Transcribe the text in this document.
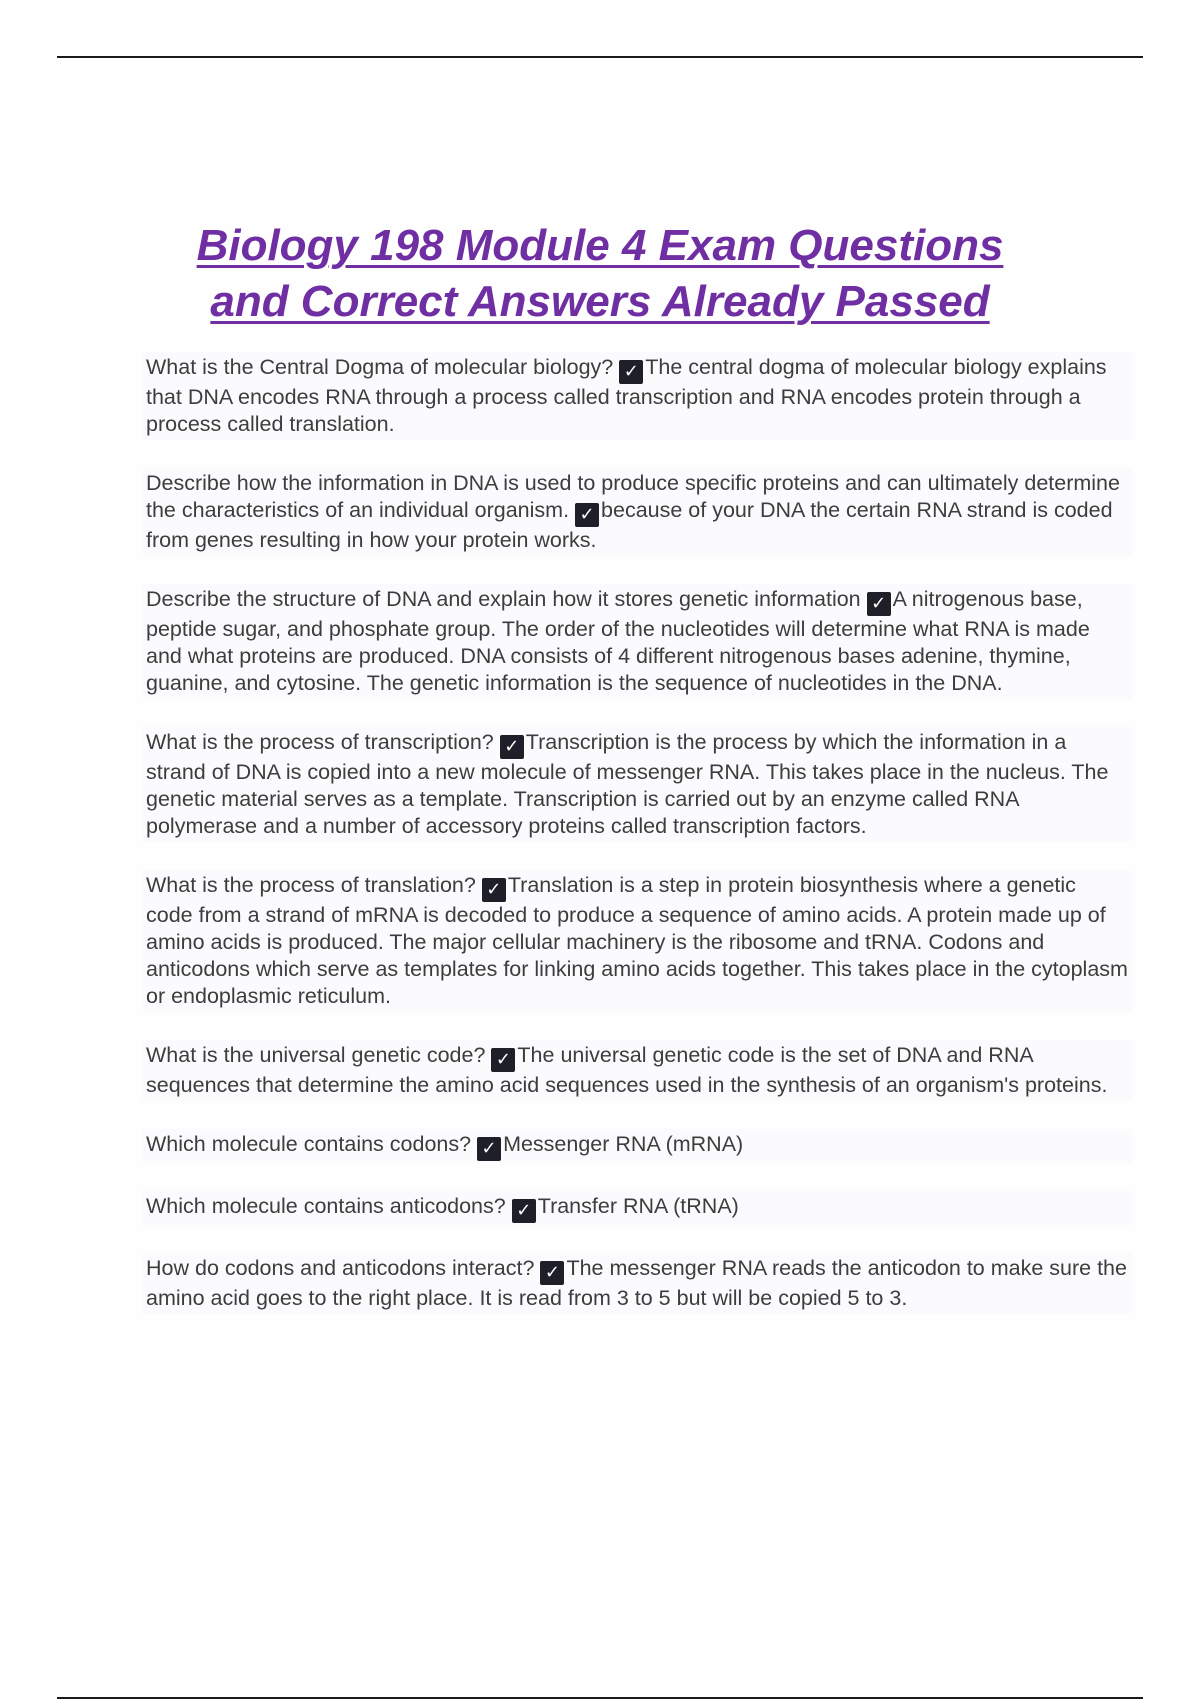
Biology 198 Module 4 Exam Questions
and Correct Answers Already Passed

What is the Central Dogma of molecular biology? ✓ The central dogma of molecular biology explains that DNA encodes RNA through a process called transcription and RNA encodes protein through a process called translation.

Describe how the information in DNA is used to produce specific proteins and can ultimately determine the characteristics of an individual organism. ✓ because of your DNA the certain RNA strand is coded from genes resulting in how your protein works.

Describe the structure of DNA and explain how it stores genetic information ✓ A nitrogenous base, peptide sugar, and phosphate group. The order of the nucleotides will determine what RNA is made and what proteins are produced. DNA consists of 4 different nitrogenous bases adenine, thymine, guanine, and cytosine. The genetic information is the sequence of nucleotides in the DNA.

What is the process of transcription? ✓ Transcription is the process by which the information in a strand of DNA is copied into a new molecule of messenger RNA. This takes place in the nucleus. The genetic material serves as a template. Transcription is carried out by an enzyme called RNA polymerase and a number of accessory proteins called transcription factors.

What is the process of translation? ✓ Translation is a step in protein biosynthesis where a genetic code from a strand of mRNA is decoded to produce a sequence of amino acids. A protein made up of amino acids is produced. The major cellular machinery is the ribosome and tRNA. Codons and anticodons which serve as templates for linking amino acids together. This takes place in the cytoplasm or endoplasmic reticulum.

What is the universal genetic code? ✓ The universal genetic code is the set of DNA and RNA sequences that determine the amino acid sequences used in the synthesis of an organism's proteins.

Which molecule contains codons? ✓ Messenger RNA (mRNA)

Which molecule contains anticodons? ✓ Transfer RNA (tRNA)

How do codons and anticodons interact? ✓ The messenger RNA reads the anticodon to make sure the amino acid goes to the right place. It is read from 3 to 5 but will be copied 5 to 3.
